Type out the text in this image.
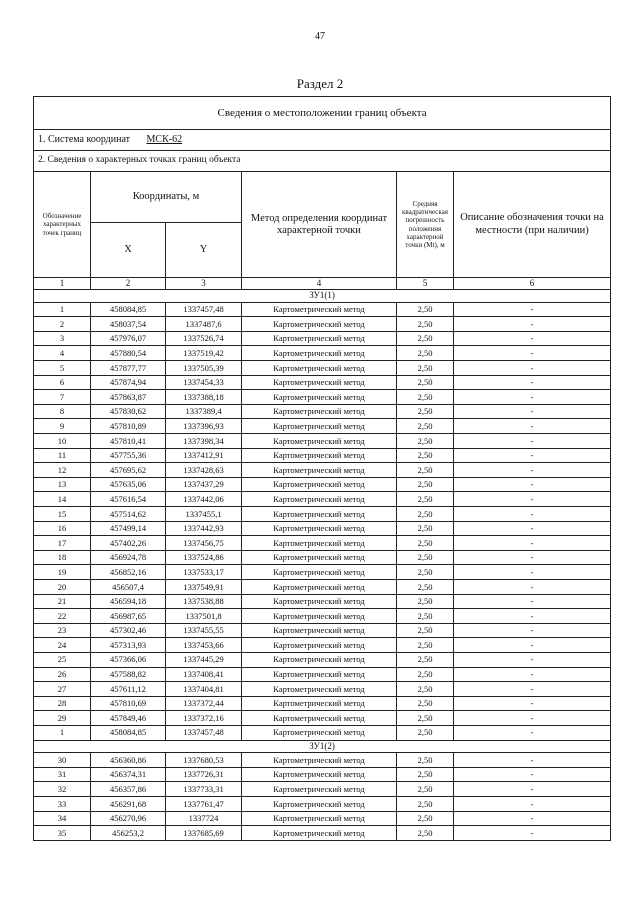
47
Раздел 2
Сведения о местоположении границ объекта					
1. Система координат МСК-62					
2. Сведения о характерных точках границ объекта					
Обозначение характерных точек границ	Координаты, м		Метод определения координат характерной точки	Средняя квадратическая погрешность положения характерной точки (Mt), м	Описание обозначения точки на местности (при наличии)
	X	Y			
1	2	3	4	5	6
ЗУ1(1)					
1	458084,85	1337457,48	Картометрический метод	2,50	-
2	458037,54	1337487,6	Картометрический метод	2,50	-
3	457976,07	1337526,74	Картометрический метод	2,50	-
4	457880,54	1337519,42	Картометрический метод	2,50	-
5	457877,77	1337505,39	Картометрический метод	2,50	-
6	457874,94	1337454,33	Картометрический метод	2,50	-
7	457863,87	1337388,18	Картометрический метод	2,50	-
8	457830,62	1337389,4	Картометрический метод	2,50	-
9	457810,89	1337396,93	Картометрический метод	2,50	-
10	457810,41	1337398,34	Картометрический метод	2,50	-
11	457755,36	1337412,91	Картометрический метод	2,50	-
12	457695,62	1337428,63	Картометрический метод	2,50	-
13	457635,06	1337437,29	Картометрический метод	2,50	-
14	457616,54	1337442,06	Картометрический метод	2,50	-
15	457514,62	1337455,1	Картометрический метод	2,50	-
16	457499,14	1337442,93	Картометрический метод	2,50	-
17	457402,26	1337456,75	Картометрический метод	2,50	-
18	456924,78	1337524,86	Картометрический метод	2,50	-
19	456852,16	1337533,17	Картометрический метод	2,50	-
20	456507,4	1337549,91	Картометрический метод	2,50	-
21	456594,18	1337538,88	Картометрический метод	2,50	-
22	456987,65	1337501,8	Картометрический метод	2,50	-
23	457302,46	1337455,55	Картометрический метод	2,50	-
24	457313,93	1337453,66	Картометрический метод	2,50	-
25	457366,06	1337445,29	Картометрический метод	2,50	-
26	457588,82	1337408,41	Картометрический метод	2,50	-
27	457611,12	1337404,81	Картометрический метод	2,50	-
28	457810,69	1337372,44	Картометрический метод	2,50	-
29	457849,46	1337372,16	Картометрический метод	2,50	-
1	458084,85	1337457,48	Картометрический метод	2,50	-
ЗУ1(2)					
30	456360,86	1337680,53	Картометрический метод	2,50	-
31	456374,31	1337726,31	Картометрический метод	2,50	-
32	456357,86	1337733,31	Картометрический метод	2,50	-
33	456291,68	1337761,47	Картометрический метод	2,50	-
34	456270,96	1337724	Картометрический метод	2,50	-
35	456253,2	1337685,69	Картометрический метод	2,50	-
